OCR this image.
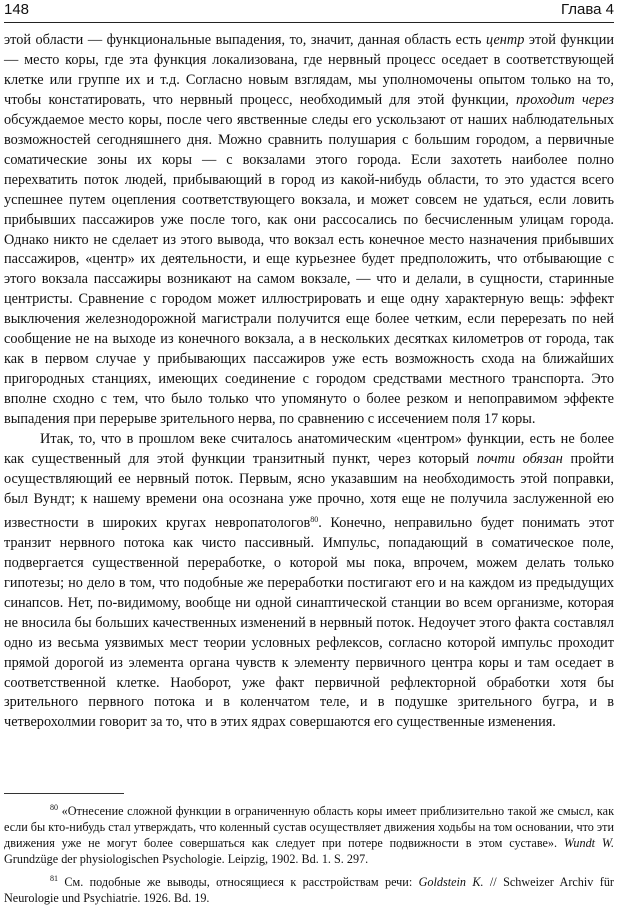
148	Глава 4

этой области — функциональные выпадения, то, значит, данная область есть центр этой функции — место коры, где эта функция локализована, где нервный процесс оседает в соответствующей клетке или группе их и т.д. Согласно новым взглядам, мы уполномочены опытом только на то, чтобы констатировать, что нервный процесс, необходимый для этой функции, проходит через обсуждаемое место коры, после чего явственные следы его ускользают от наших наблюдательных возможностей сегодняшнего дня. Можно сравнить полушария с большим городом, а первичные соматические зоны их коры — с вокзалами этого города. Если захотеть наиболее полно перехватить поток людей, прибывающий в город из какой-нибудь области, то это удастся всего успешнее путем оцепления соответствующего вокзала, и может совсем не удаться, если ловить прибывших пассажиров уже после того, как они рассосались по бесчисленным улицам города. Однако никто не сделает из этого вывода, что вокзал есть конечное место назначения прибывших пассажиров, «центр» их деятельности, и еще курьезнее будет предположить, что отбывающие с этого вокзала пассажиры возникают на самом вокзале, — что и делали, в сущности, старинные центристы. Сравнение с городом может иллюстрировать и еще одну характерную вещь: эффект выключения железнодорожной магистрали получится еще более четким, если перерезать по ней сообщение не на выходе из конечного вокзала, а в нескольких десятках километров от города, так как в первом случае у прибывающих пассажиров уже есть возможность схода на ближайших пригородных станциях, имеющих соединение с городом средствами местного транспорта. Это вполне сходно с тем, что было только что упомянуто о более резком и непоправимом эффекте выпадения при перерыве зрительного нерва, по сравнению с иссечением поля 17 коры.

Итак, то, что в прошлом веке считалось анатомическим «центром» функции, есть не более как существенный для этой функции транзитный пункт, через который почти обязан пройти осуществляющий ее нервный поток. Первым, ясно указавшим на необходимость этой поправки, был Вундт; к нашему времени она осознана уже прочно, хотя еще не получила заслуженной ею известности в широких кругах невропатологов$^{80}$. Конечно, неправильно будет понимать этот транзит нервного потока как чисто пассивный. Импульс, попадающий в соматическое поле, подвергается существенной переработке, о которой мы пока, впрочем, можем делать только гипотезы; но дело в том, что подобные же переработки постигают его и на каждом из предыдущих синапсов. Нет, по-видимому, вообще ни одной синаптической станции во всем организме, которая не вносила бы больших качественных изменений в нервный поток. Недоучет этого факта составлял одно из весьма уязвимых мест теории условных рефлексов, согласно которой импульс проходит прямой дорогой из элемента органа чувств к элементу первичного центра коры и там оседает в соответственной клетке. Наоборот, уже факт первичной рефлекторной обработки хотя бы зрительного первного потока и в коленчатом теле, и в подушке зрительного бугра, и в четверохолмии говорит за то, что в этих ядрах совершаются его существенные изменения.

$^{80}$ «Отнесение сложной функции в ограниченную область коры имеет приблизительно такой же смысл, как если бы кто-нибудь стал утверждать, что коленный сустав осуществляет движения ходьбы на том основании, что эти движения уже не могут более совершаться как следует при потере подвижности в этом суставе». Wundt W. Grundzüge der physiologischen Psychologie. Leipzig, 1902. Bd. 1. S. 297.

$^{81}$ См. подобные же выводы, относящиеся к расстройствам речи: Goldstein K. // Schweizer Archiv für Neurologie und Psychiatrie. 1926. Bd. 19.
